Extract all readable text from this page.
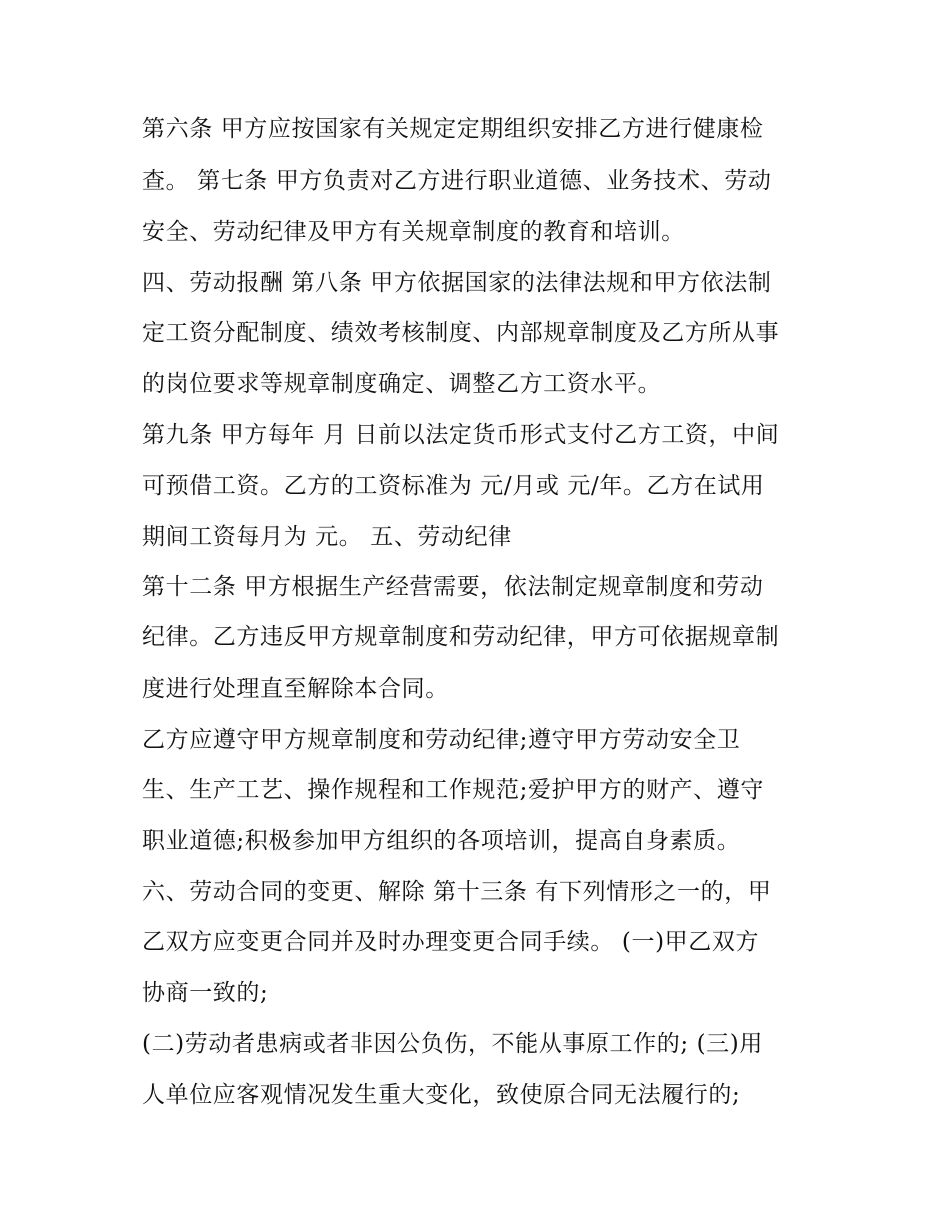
第六条 甲方应按国家有关规定定期组织安排乙方进行健康检
查。 第七条 甲方负责对乙方进行职业道德、业务技术、劳动
安全、劳动纪律及甲方有关规章制度的教育和培训。
四、劳动报酬 第八条 甲方依据国家的法律法规和甲方依法制
定工资分配制度、绩效考核制度、内部规章制度及乙方所从事
的岗位要求等规章制度确定、调整乙方工资水平。
第九条 甲方每年 月 日前以法定货币形式支付乙方工资，中间
可预借工资。乙方的工资标准为 元/月或 元/年。乙方在试用
期间工资每月为 元。 五、劳动纪律
第十二条 甲方根据生产经营需要，依法制定规章制度和劳动
纪律。乙方违反甲方规章制度和劳动纪律，甲方可依据规章制
度进行处理直至解除本合同。
乙方应遵守甲方规章制度和劳动纪律;遵守甲方劳动安全卫
生、生产工艺、操作规程和工作规范;爱护甲方的财产、遵守
职业道德;积极参加甲方组织的各项培训，提高自身素质。
六、劳动合同的变更、解除 第十三条 有下列情形之一的，甲
乙双方应变更合同并及时办理变更合同手续。 (一)甲乙双方
协商一致的;
(二)劳动者患病或者非因公负伤，不能从事原工作的; (三)用
人单位应客观情况发生重大变化，致使原合同无法履行的;
